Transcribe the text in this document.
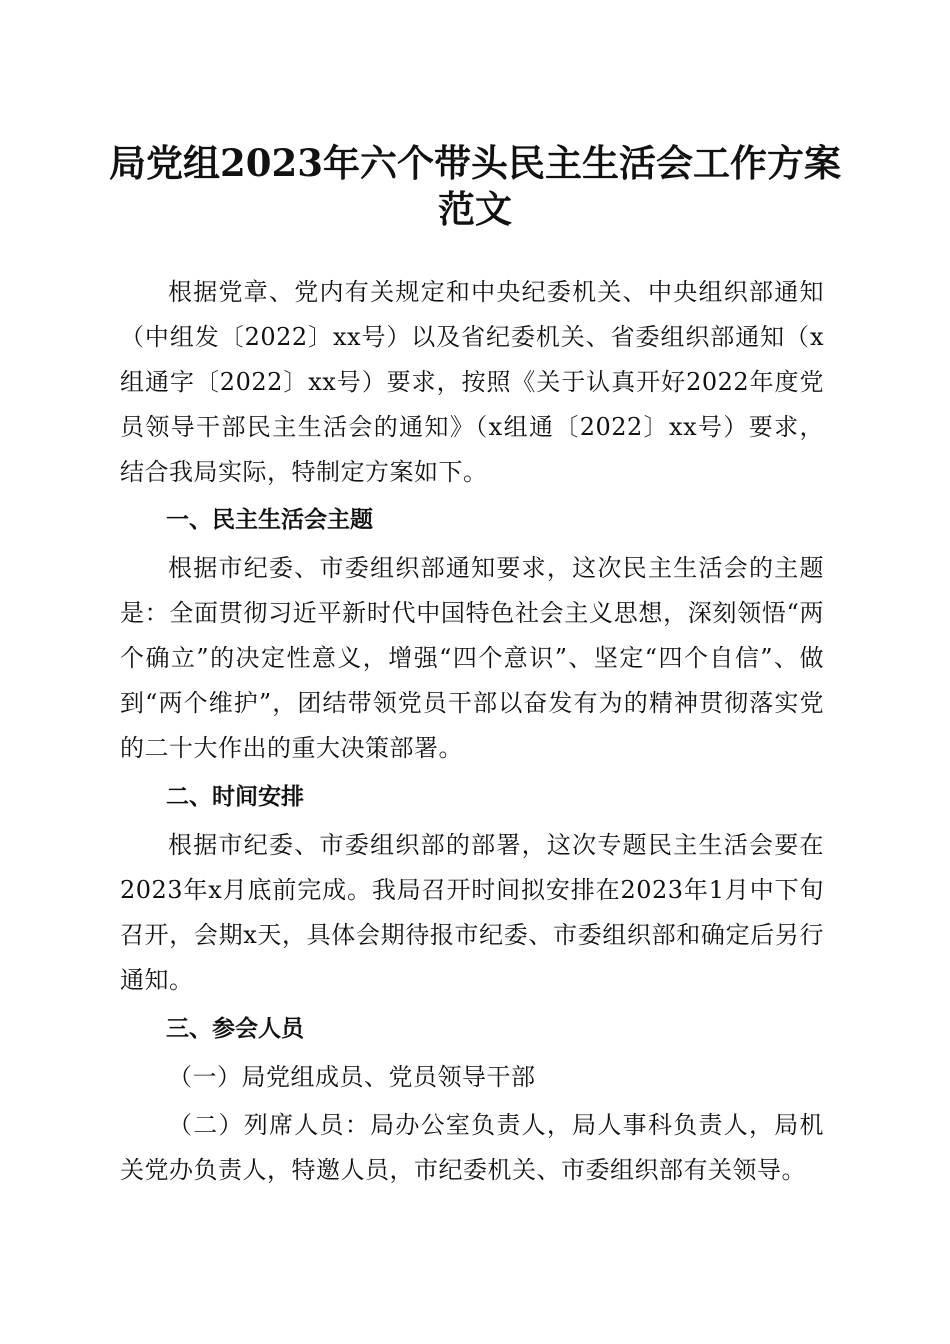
局党组2023年六个带头民主生活会工作方案
范文

根据党章、党内有关规定和中央纪委机关、中央组织部通知（中组发〔2022〕xx号）以及省纪委机关、省委组织部通知（x组通字〔2022〕xx号）要求，按照《关于认真开好2022年度党员领导干部民主生活会的通知》（x组通〔2022〕xx号）要求，结合我局实际，特制定方案如下。

一、民主生活会主题

根据市纪委、市委组织部通知要求，这次民主生活会的主题是：全面贯彻习近平新时代中国特色社会主义思想，深刻领悟“两个确立”的决定性意义，增强“四个意识”、坚定“四个自信”、做到“两个维护”，团结带领党员干部以奋发有为的精神贯彻落实党的二十大作出的重大决策部署。

二、时间安排

根据市纪委、市委组织部的部署，这次专题民主生活会要在2023年x月底前完成。我局召开时间拟安排在2023年1月中下旬召开，会期x天，具体会期待报市纪委、市委组织部和确定后另行通知。

三、参会人员

（一）局党组成员、党员领导干部

（二）列席人员：局办公室负责人，局人事科负责人，局机关党办负责人，特邀人员，市纪委机关、市委组织部有关领导。
